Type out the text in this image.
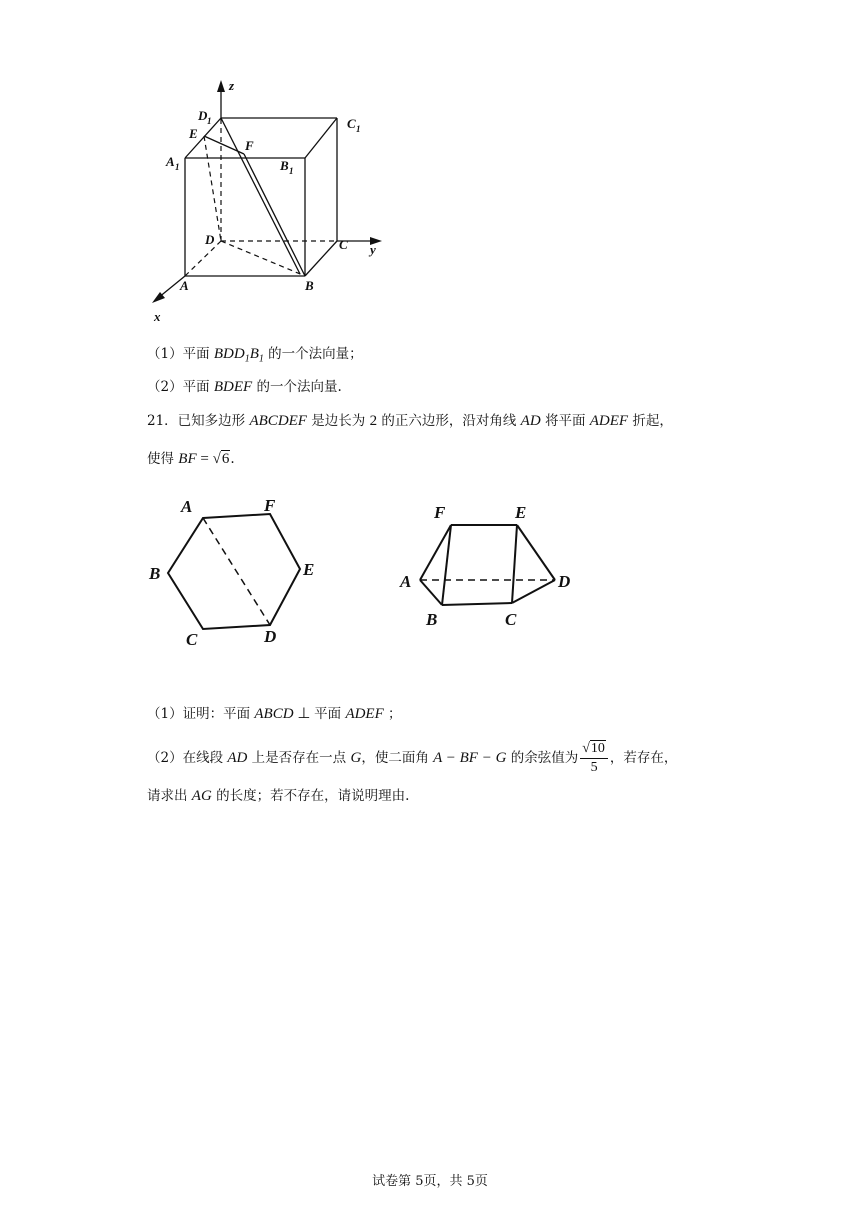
z
D 1
E
C 1
F
A 1	B 1
D	C y
A	B
x
（1）平面 $BDD_1B_1$ 的一个法向量；
（2）平面 BDEF 的一个法向量.
21．已知多边形 ABCDEF 是边长为 2 的正六边形，沿对角线 AD 将平面 ADEF 折起，
使得 BF = √6.
A	F
B	E
C	D
F	E
A	D
B	C
（1）证明：平面 ABCD ⊥ 平面 ADEF ；
（2）在线段 AD 上是否存在一点 G，使二面角 A − BF − G 的余弦值为 $\frac{√10}{5}$ ，若存在，
请求出 AG 的长度；若不存在，请说明理由.
试卷第 5页，共 5页
